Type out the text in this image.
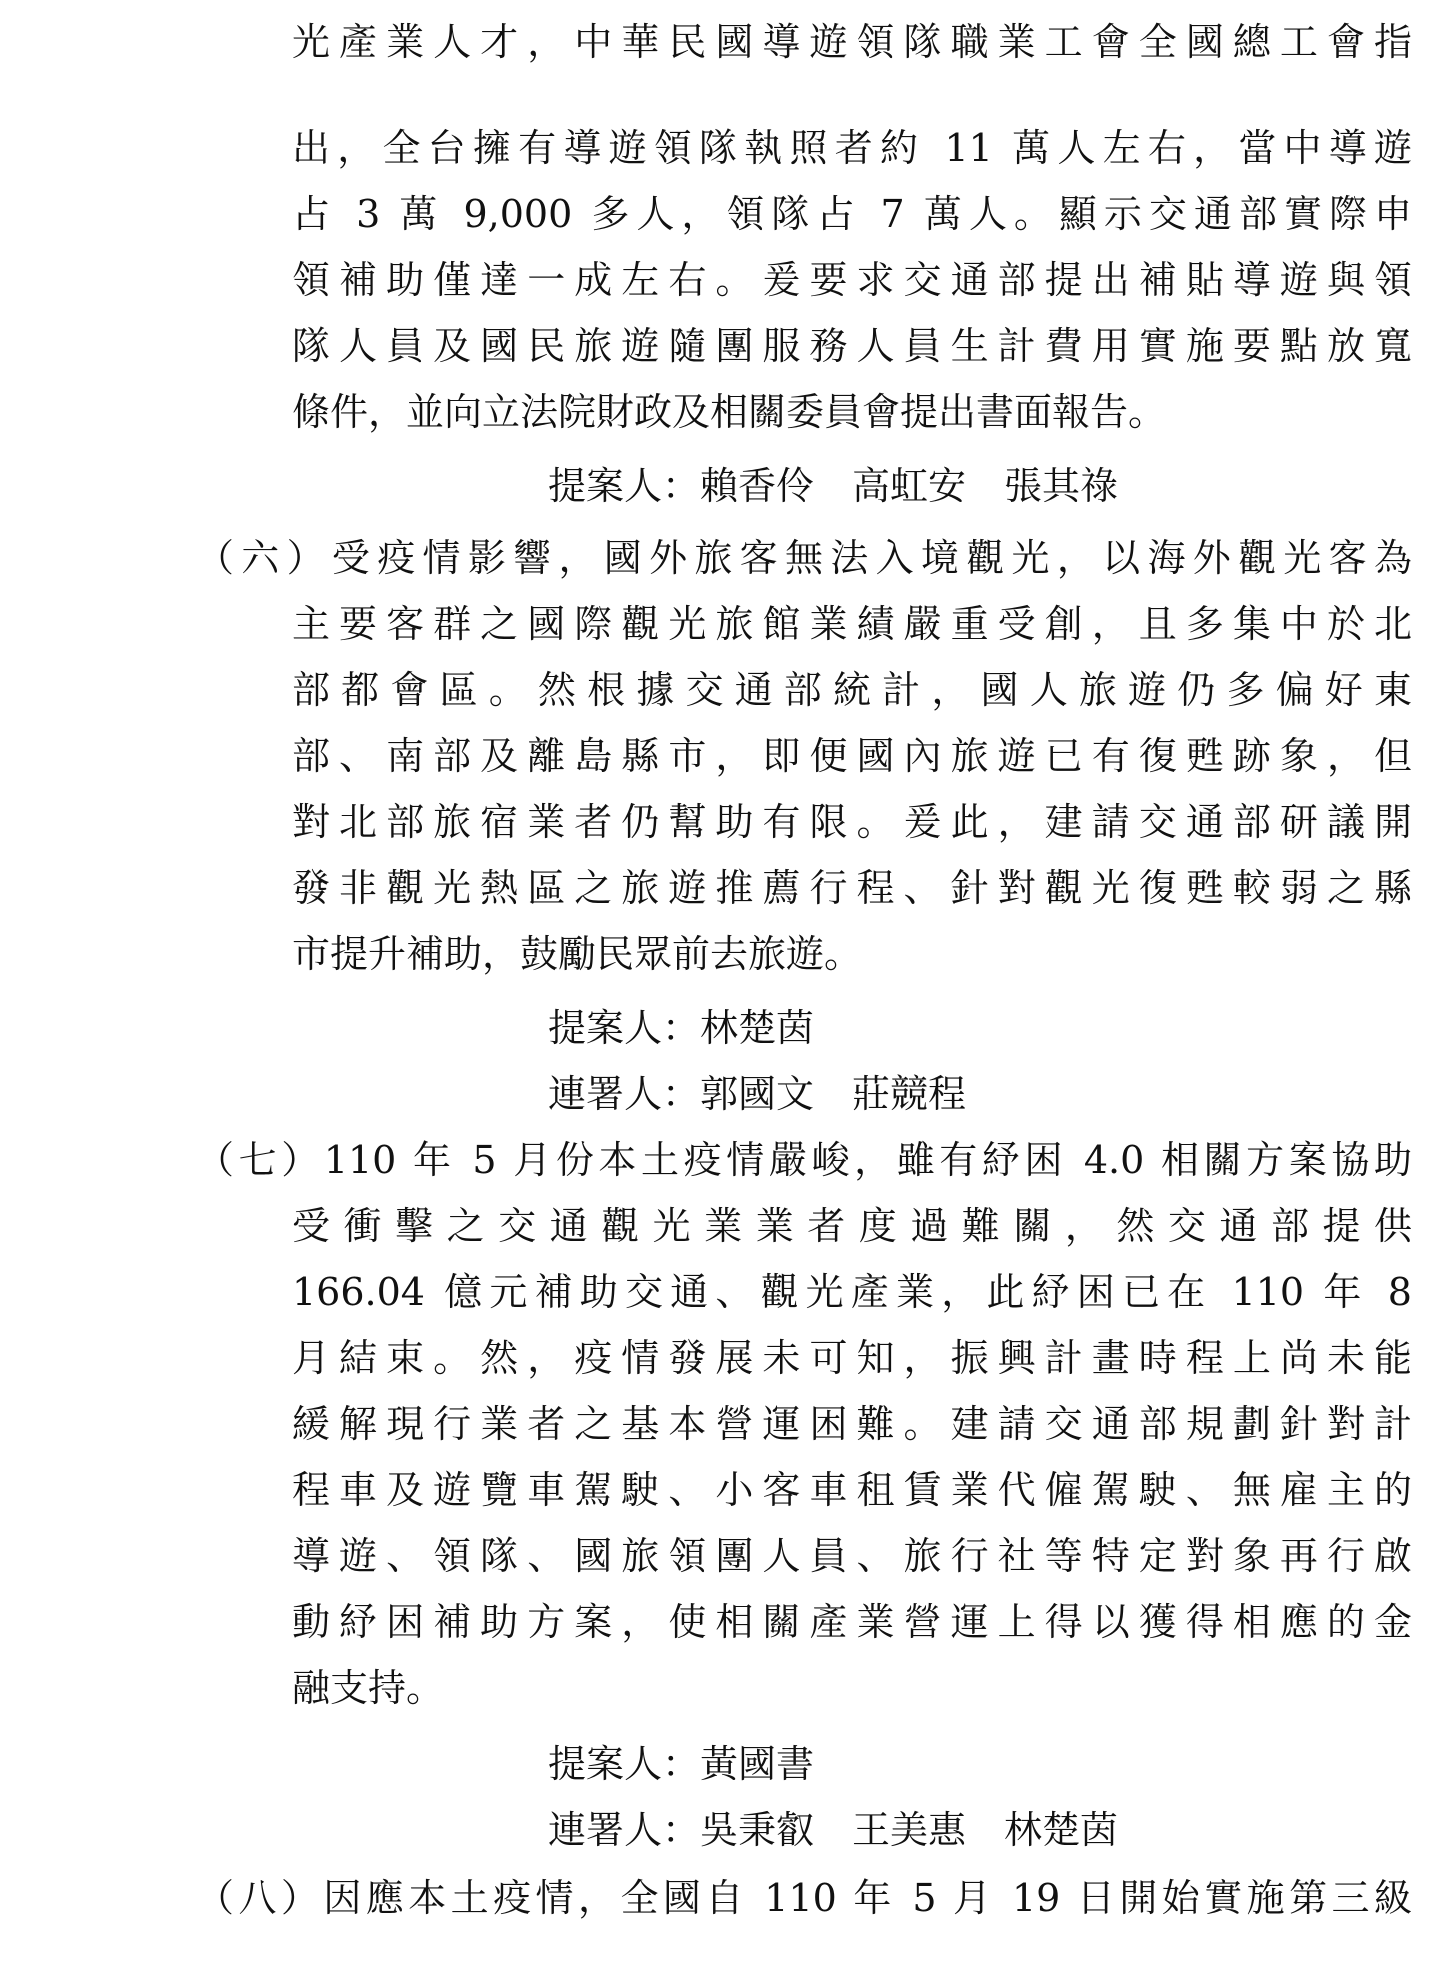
光產業人才，中華民國導遊領隊職業工會全國總工會指
出，全台擁有導遊領隊執照者約 11 萬人左右，當中導遊
占 3 萬 9,000 多人，領隊占 7 萬人。顯示交通部實際申
領補助僅達一成左右。爰要求交通部提出補貼導遊與領
隊人員及國民旅遊隨團服務人員生計費用實施要點放寬
條件，並向立法院財政及相關委員會提出書面報告。
提案人：賴香伶　高虹安　張其祿
（六）受疫情影響，國外旅客無法入境觀光，以海外觀光客為
主要客群之國際觀光旅館業績嚴重受創，且多集中於北
部都會區。然根據交通部統計，國人旅遊仍多偏好東
部、南部及離島縣市，即便國內旅遊已有復甦跡象，但
對北部旅宿業者仍幫助有限。爰此，建請交通部研議開
發非觀光熱區之旅遊推薦行程、針對觀光復甦較弱之縣
市提升補助，鼓勵民眾前去旅遊。
提案人：林楚茵
連署人：郭國文　莊競程
（七）110 年 5 月份本土疫情嚴峻，雖有紓困 4.0 相關方案協助
受衝擊之交通觀光業業者度過難關，然交通部提供
166.04 億元補助交通、觀光產業，此紓困已在 110 年 8
月結束。然，疫情發展未可知，振興計畫時程上尚未能
緩解現行業者之基本營運困難。建請交通部規劃針對計
程車及遊覽車駕駛、小客車租賃業代僱駕駛、無雇主的
導遊、領隊、國旅領團人員、旅行社等特定對象再行啟
動紓困補助方案，使相關產業營運上得以獲得相應的金
融支持。
提案人：黃國書
連署人：吳秉叡　王美惠　林楚茵
（八）因應本土疫情，全國自 110 年 5 月 19 日開始實施第三級
